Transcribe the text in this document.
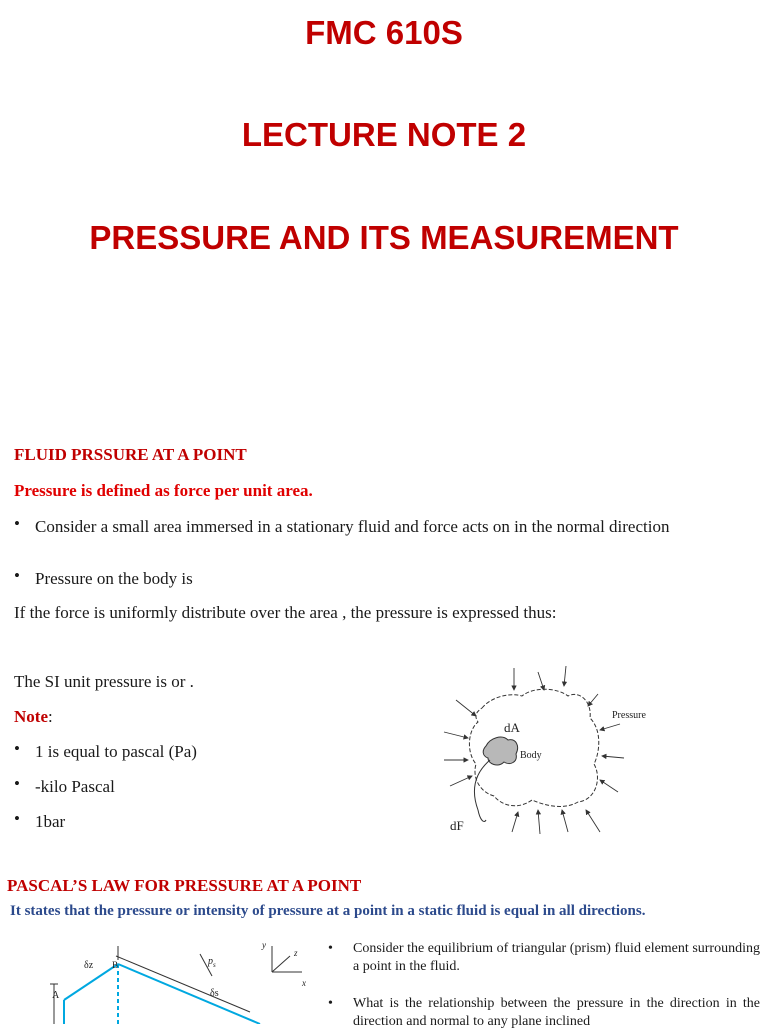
FMC 610S
LECTURE NOTE 2
PRESSURE AND ITS MEASUREMENT
FLUID PRSSURE AT A POINT
Pressure is defined as force per unit area.
• Consider a small area immersed in a stationary fluid and force acts on in the normal direction
• Pressure on the body is
If the force is uniformly distribute over the area , the pressure is expressed thus:
The SI unit pressure is or .
Note:
• 1 is equal to pascal (Pa)
• -kilo Pascal
• 1bar
dA
Body
Pressure
dF
PASCAL’S LAW FOR PRESSURE AT A POINT
It states that the pressure or intensity of pressure at a point in a static fluid is equal in all directions.
δz B	$p_s$
δs
A
y
z
x
• Consider the equilibrium of triangular (prism) fluid element surrounding a point in the fluid.
• What is the relationship between the pressure in the direction in the direction and normal to any plane inclined
